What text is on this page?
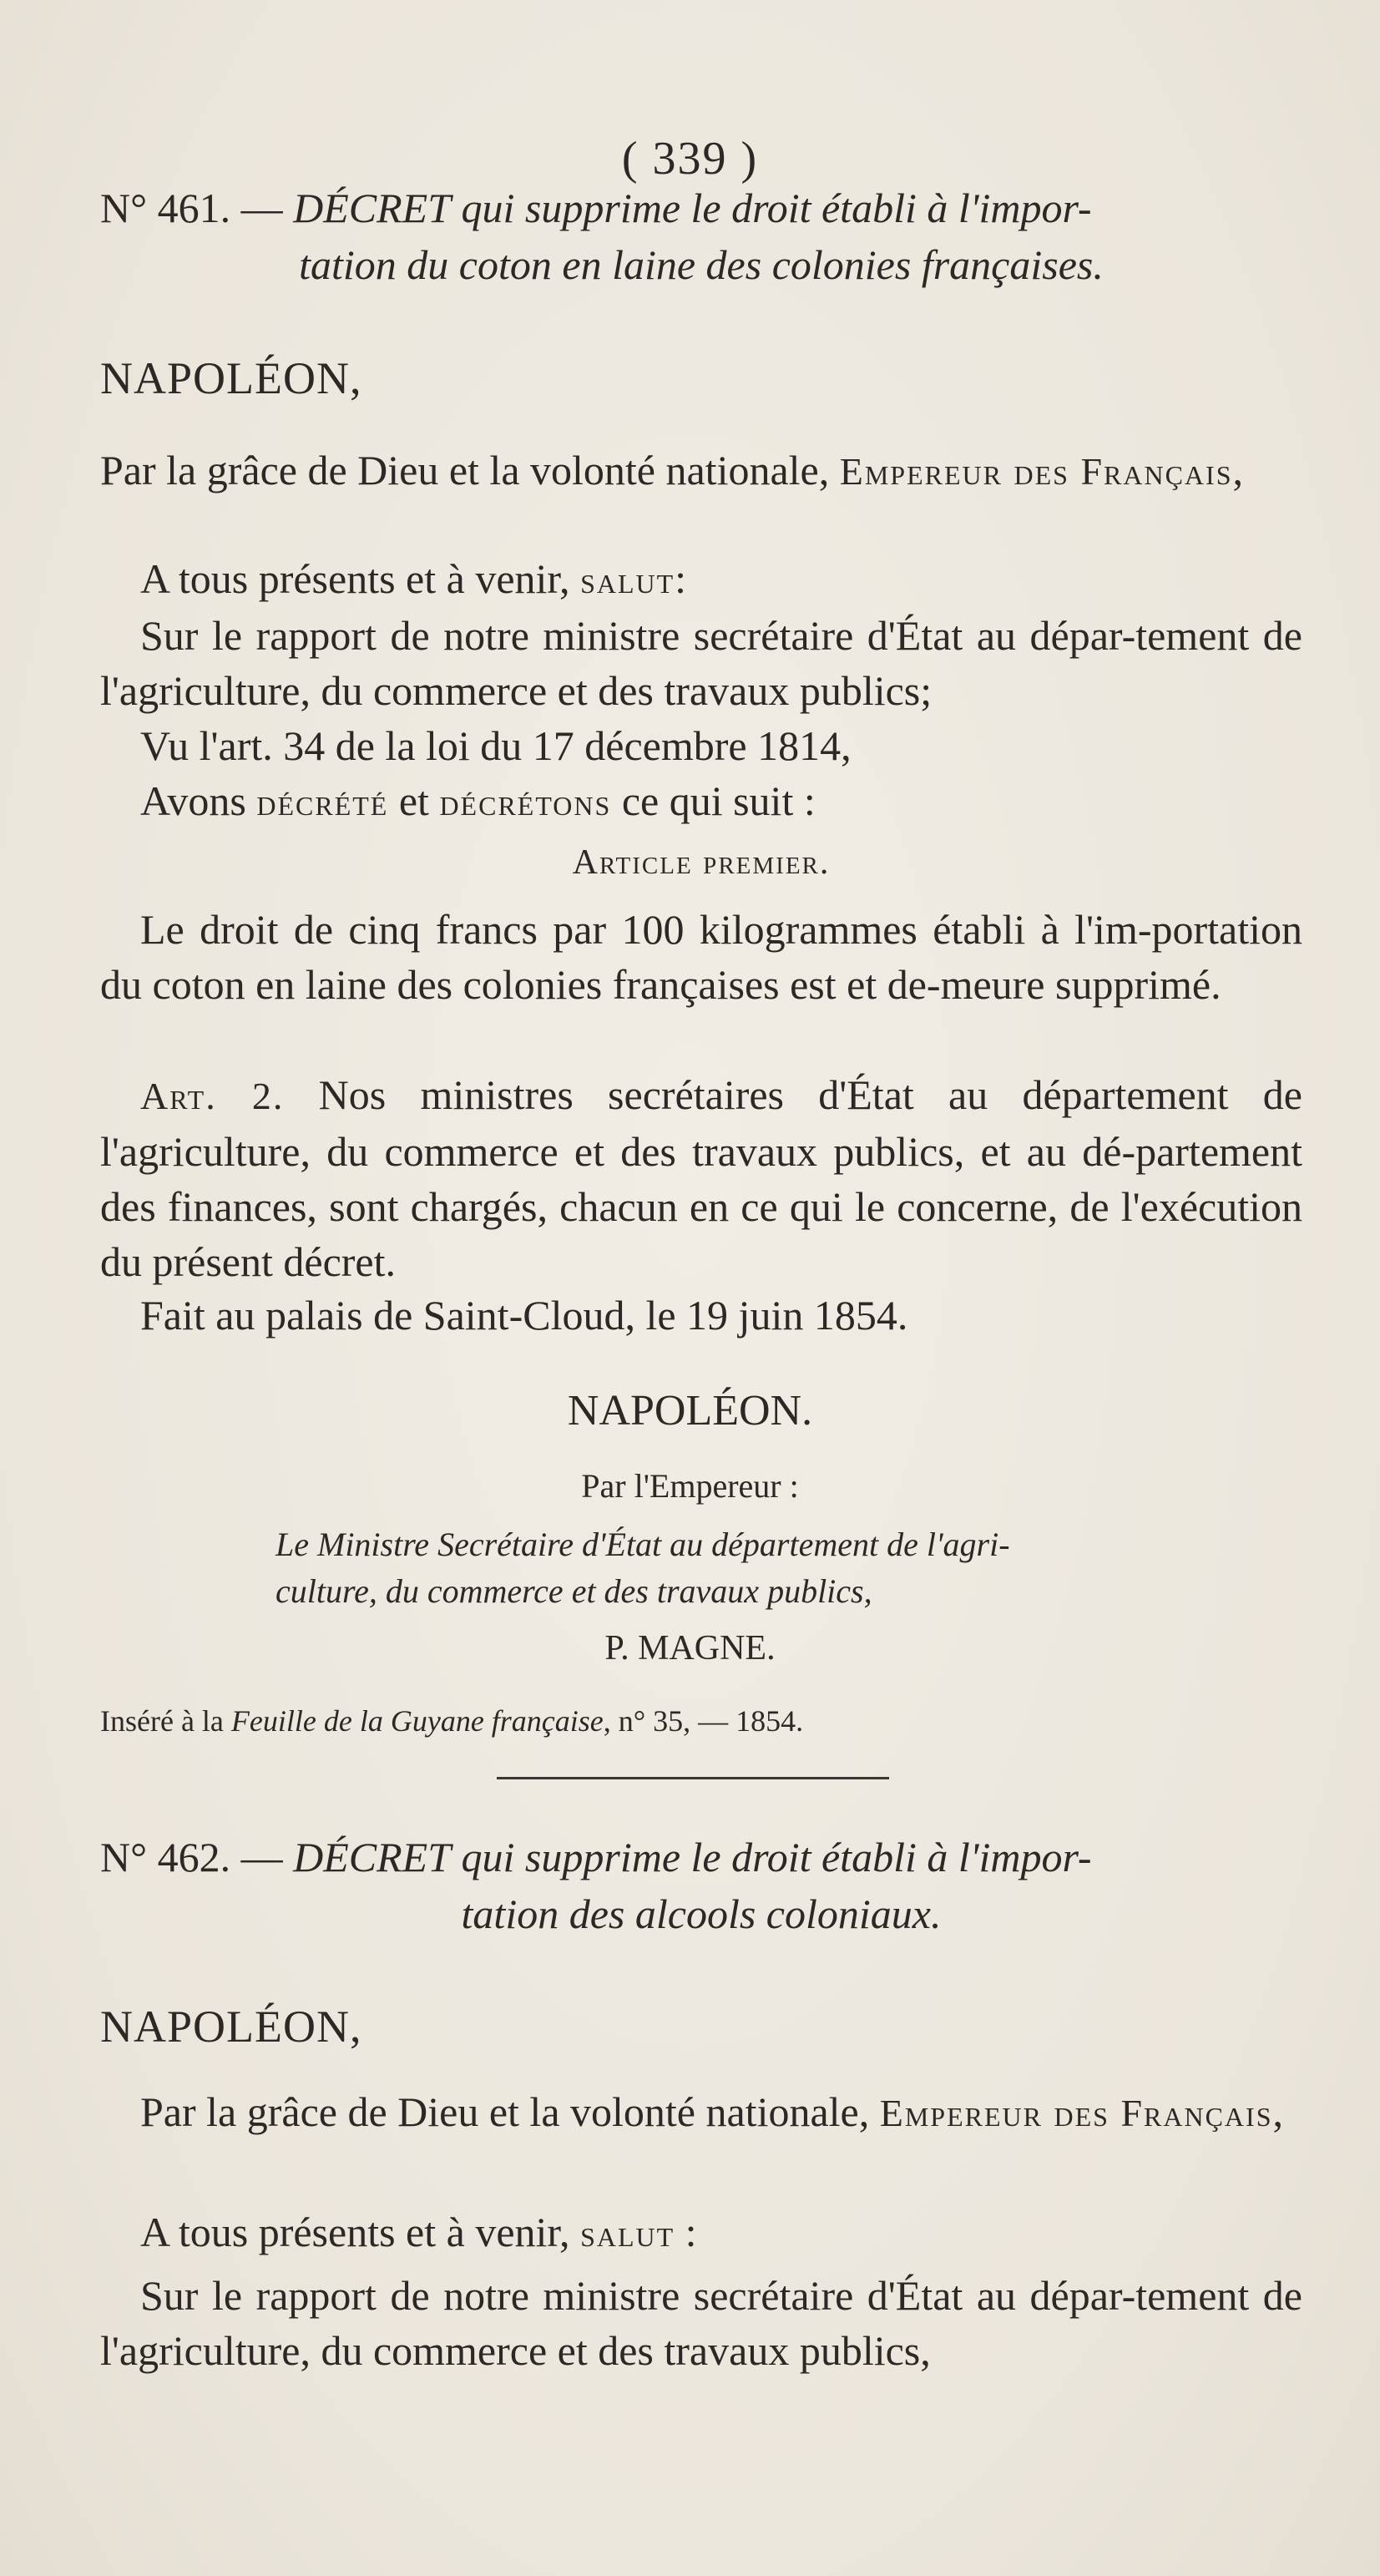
( 339 )
N° 461. — DÉCRET qui supprime le droit établi à l'impor-
tation du coton en laine des colonies françaises.
NAPOLÉON,
Par la grâce de Dieu et la volonté nationale, Empereur des Français,
A tous présents et à venir, salut:
Sur le rapport de notre ministre secrétaire d'État au dépar-tement de l'agriculture, du commerce et des travaux publics;
Vu l'art. 34 de la loi du 17 décembre 1814,
Avons décrété et décrétons ce qui suit :
Article premier.
Le droit de cinq francs par 100 kilogrammes établi à l'im-portation du coton en laine des colonies françaises est et de-meure supprimé.
Art. 2. Nos ministres secrétaires d'État au département de l'agriculture, du commerce et des travaux publics, et au dé-partement des finances, sont chargés, chacun en ce qui le concerne, de l'exécution du présent décret.
Fait au palais de Saint-Cloud, le 19 juin 1854.
NAPOLÉON.
Par l'Empereur :
Le Ministre Secrétaire d'État au département de l'agri-
culture, du commerce et des travaux publics,
P. MAGNE.
Inséré à la Feuille de la Guyane française, n° 35, — 1854.
N° 462. — DÉCRET qui supprime le droit établi à l'impor-
tation des alcools coloniaux.
NAPOLÉON,
Par la grâce de Dieu et la volonté nationale, Empereur des Français,
A tous présents et à venir, salut :
Sur le rapport de notre ministre secrétaire d'État au dépar-tement de l'agriculture, du commerce et des travaux publics,
